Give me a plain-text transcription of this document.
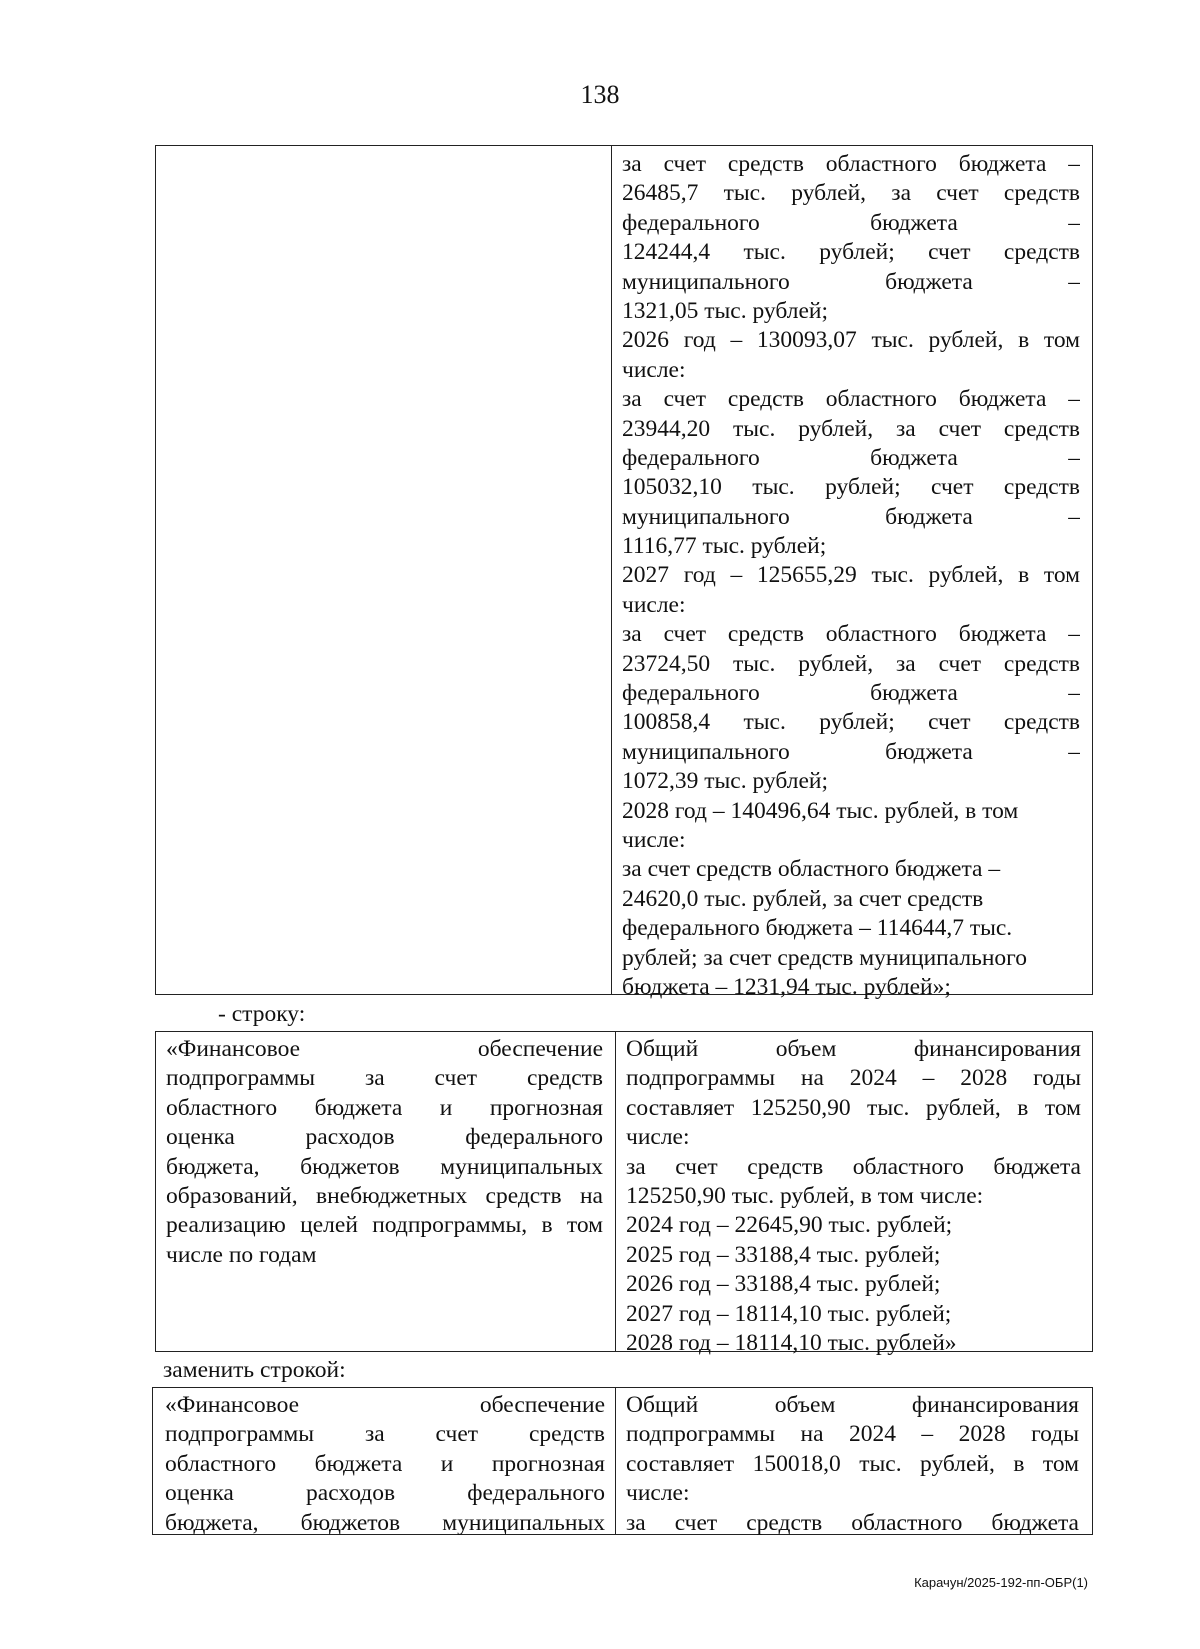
138
за счет средств областного бюджета –
26485,7 тыс. рублей, за счет средств
федерального бюджета –
124244,4 тыс. рублей; счет средств
муниципального бюджета –
1321,05 тыс. рублей;
2026 год – 130093,07 тыс. рублей, в том
числе:
за счет средств областного бюджета –
23944,20 тыс. рублей, за счет средств
федерального бюджета –
105032,10 тыс. рублей; счет средств
муниципального бюджета –
1116,77 тыс. рублей;
2027 год – 125655,29 тыс. рублей, в том
числе:
за счет средств областного бюджета –
23724,50 тыс. рублей, за счет средств
федерального бюджета –
100858,4 тыс. рублей; счет средств
муниципального бюджета –
1072,39 тыс. рублей;
2028 год – 140496,64 тыс. рублей, в том
числе:
за счет средств областного бюджета –
24620,0 тыс. рублей, за счет средств
федерального бюджета – 114644,7 тыс.
рублей; за счет средств муниципального
бюджета – 1231,94 тыс. рублей»;
- строку:
«Финансовое обеспечение
подпрограммы за счет средств
областного бюджета и прогнозная
оценка расходов федерального
бюджета, бюджетов муниципальных
образований, внебюджетных средств на
реализацию целей подпрограммы, в том
числе по годам
Общий объем финансирования
подпрограммы на 2024 – 2028 годы
составляет 125250,90 тыс. рублей, в том
числе:
за счет средств областного бюджета
125250,90 тыс. рублей, в том числе:
2024 год – 22645,90 тыс. рублей;
2025 год – 33188,4 тыс. рублей;
2026 год – 33188,4 тыс. рублей;
2027 год – 18114,10 тыс. рублей;
2028 год – 18114,10 тыс. рублей»
заменить строкой:
«Финансовое обеспечение
подпрограммы за счет средств
областного бюджета и прогнозная
оценка расходов федерального
бюджета, бюджетов муниципальных
Общий объем финансирования
подпрограммы на 2024 – 2028 годы
составляет 150018,0 тыс. рублей, в том
числе:
за счет средств областного бюджета
Карачун/2025-192-пп-ОБР(1)
